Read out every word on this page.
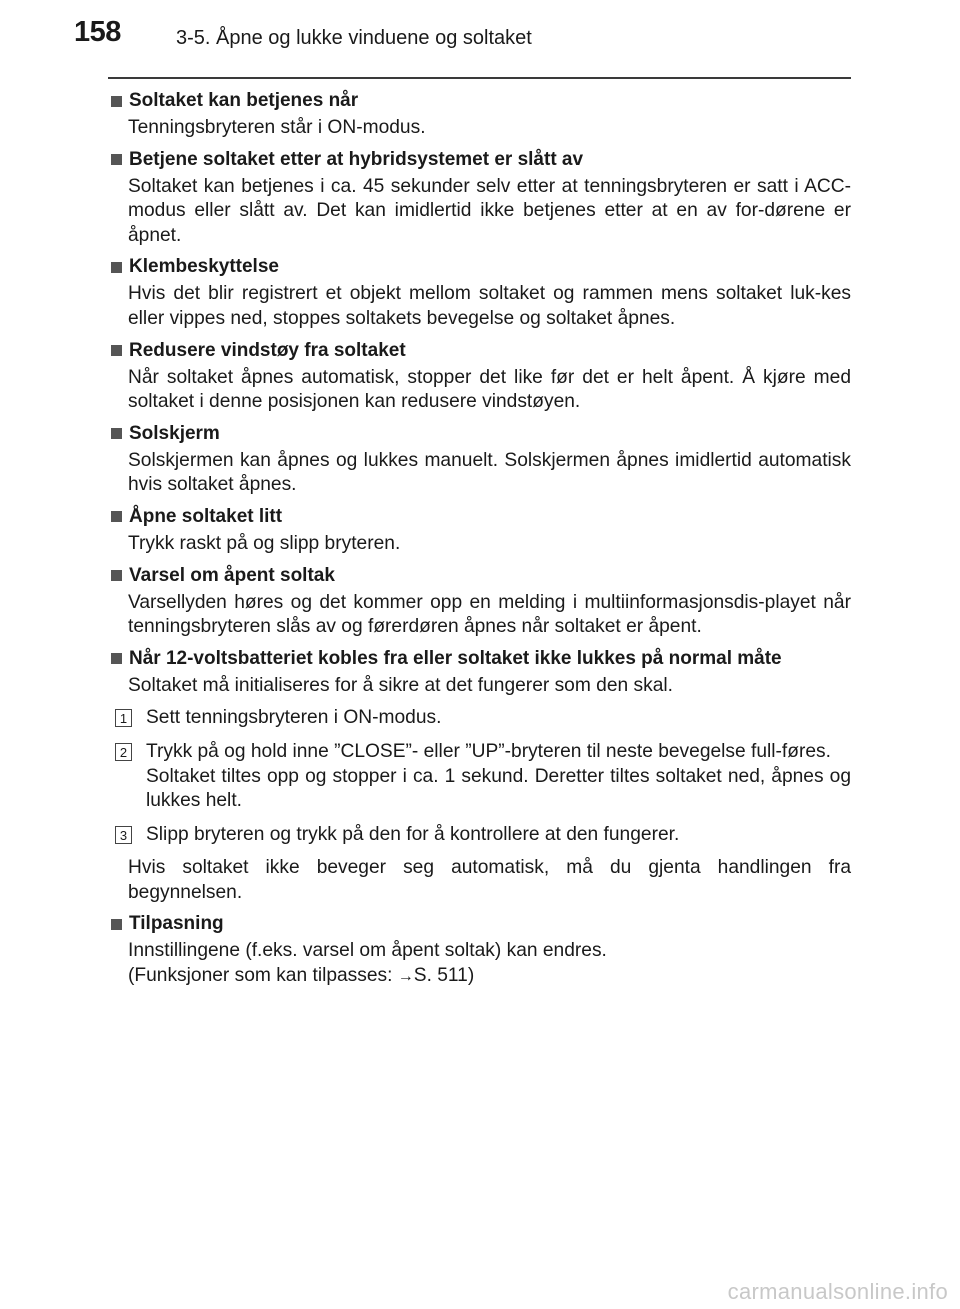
158	3-5. Åpne og lukke vinduene og soltaket
Soltaket kan betjenes når

Tenningsbryteren står i ON-modus.

Betjene soltaket etter at hybridsystemet er slått av

Soltaket kan betjenes i ca. 45 sekunder selv etter at tenningsbryteren er satt i ACC-modus eller slått av. Det kan imidlertid ikke betjenes etter at en av for-dørene er åpnet.

Klembeskyttelse

Hvis det blir registrert et objekt mellom soltaket og rammen mens soltaket luk-kes eller vippes ned, stoppes soltakets bevegelse og soltaket åpnes.

Redusere vindstøy fra soltaket

Når soltaket åpnes automatisk, stopper det like før det er helt åpent. Å kjøre med soltaket i denne posisjonen kan redusere vindstøyen.

Solskjerm

Solskjermen kan åpnes og lukkes manuelt. Solskjermen åpnes imidlertid automatisk hvis soltaket åpnes.

Åpne soltaket litt

Trykk raskt på og slipp bryteren.

Varsel om åpent soltak

Varsellyden høres og det kommer opp en melding i multiinformasjonsdis-playet når tenningsbryteren slås av og førerdøren åpnes når soltaket er åpent.

Når 12-voltsbatteriet kobles fra eller soltaket ikke lukkes på normal måte

Soltaket må initialiseres for å sikre at det fungerer som den skal.

1 Sett tenningsbryteren i ON-modus.
2 Trykk på og hold inne ”CLOSE”- eller ”UP”-bryteren til neste bevegelse full-føres.
Soltaket tiltes opp og stopper i ca. 1 sekund. Deretter tiltes soltaket ned, åpnes og lukkes helt.
3 Slipp bryteren og trykk på den for å kontrollere at den fungerer.

Hvis soltaket ikke beveger seg automatisk, må du gjenta handlingen fra begynnelsen.

Tilpasning

Innstillingene (f.eks. varsel om åpent soltak) kan endres.

(Funksjoner som kan tilpasses: →S. 511)

carmanualsonline.info
